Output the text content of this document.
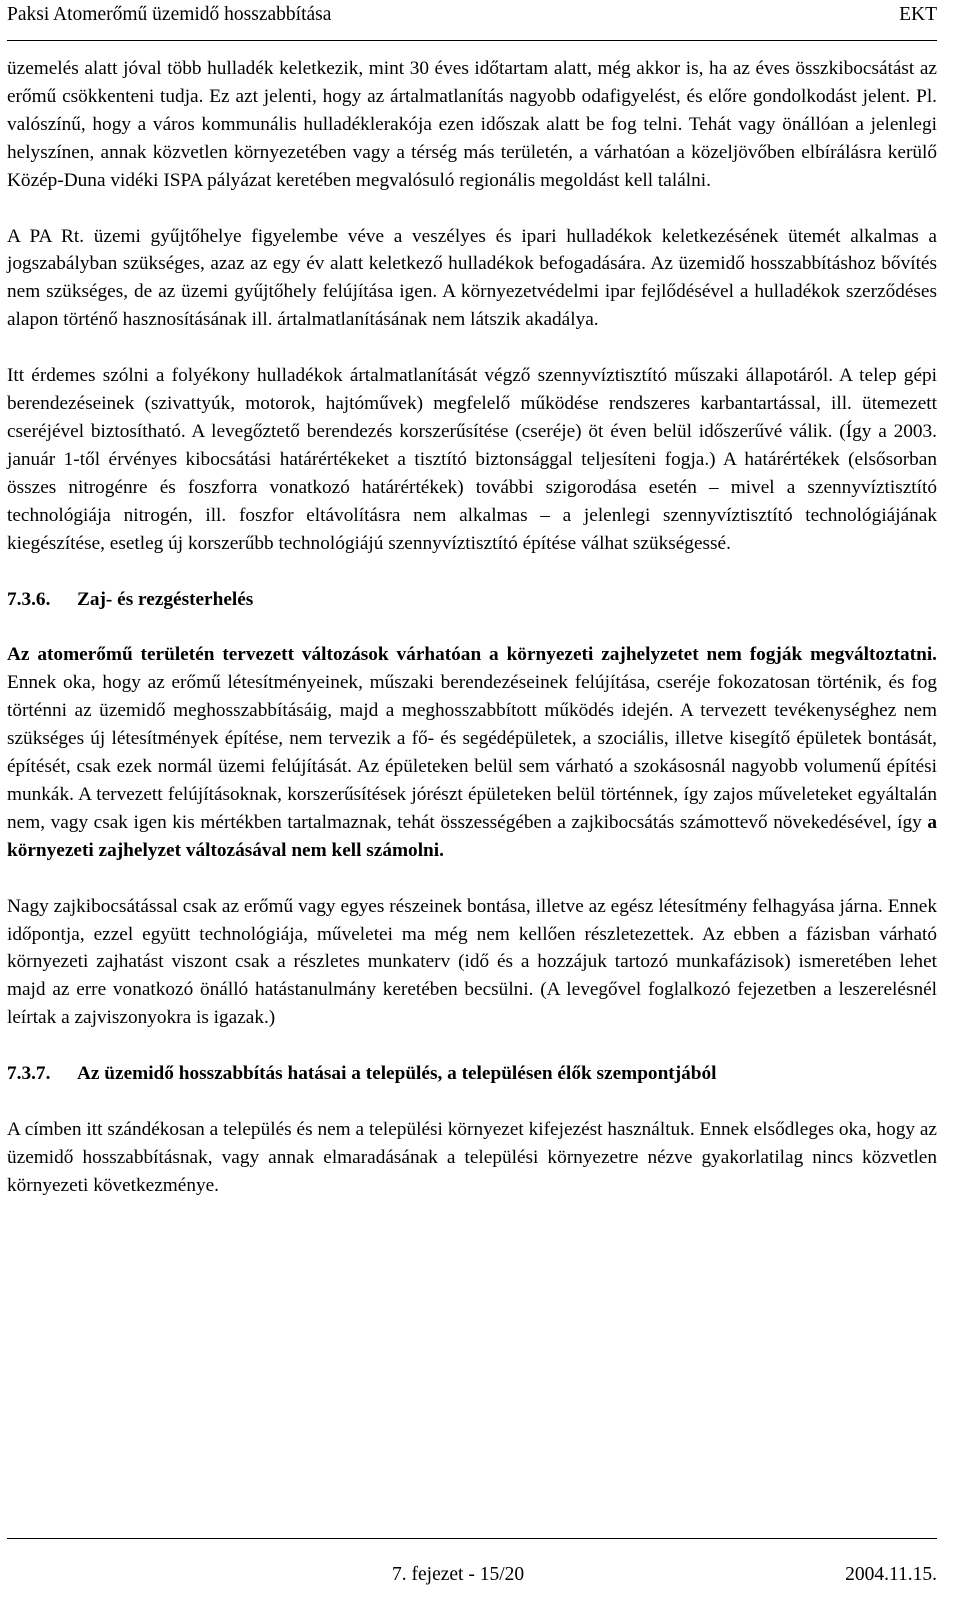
Paksi Atomerőmű üzemidő hosszabbítása	EKT

üzemelés alatt jóval több hulladék keletkezik, mint 30 éves időtartam alatt, még akkor is, ha az éves összkibocsátást az erőmű csökkenteni tudja. Ez azt jelenti, hogy az ártalmatlanítás nagyobb odafigyelést, és előre gondolkodást jelent. Pl. valószínű, hogy a város kommunális hulladéklerakója ezen időszak alatt be fog telni. Tehát vagy önállóan a jelenlegi helyszínen, annak közvetlen környezetében vagy a térség más területén, a várhatóan a közeljövőben elbírálásra kerülő Közép-Duna vidéki ISPA pályázat keretében megvalósuló regionális megoldást kell találni.

A PA Rt. üzemi gyűjtőhelye figyelembe véve a veszélyes és ipari hulladékok keletkezésének ütemét alkalmas a jogszabályban szükséges, azaz az egy év alatt keletkező hulladékok befogadására. Az üzemidő hosszabbításhoz bővítés nem szükséges, de az üzemi gyűjtőhely felújítása igen. A környezetvédelmi ipar fejlődésével a hulladékok szerződéses alapon történő hasznosításának ill. ártalmatlanításának nem látszik akadálya.

Itt érdemes szólni a folyékony hulladékok ártalmatlanítását végző szennyvíztisztító műszaki állapotáról. A telep gépi berendezéseinek (szivattyúk, motorok, hajtóművek) megfelelő működése rendszeres karbantartással, ill. ütemezett cseréjével biztosítható. A levegőztető berendezés korszerűsítése (cseréje) öt éven belül időszerűvé válik. (Így a 2003. január 1-től érvényes kibocsátási határértékeket a tisztító biztonsággal teljesíteni fogja.) A határértékek (elsősorban összes nitrogénre és foszforra vonatkozó határértékek) további szigorodása esetén – mivel a szennyvíztisztító technológiája nitrogén, ill. foszfor eltávolításra nem alkalmas – a jelenlegi szennyvíztisztító technológiájának kiegészítése, esetleg új korszerűbb technológiájú szennyvíztisztító építése válhat szükségessé.

7.3.6. Zaj- és rezgésterhelés

Az atomerőmű területén tervezett változások várhatóan a környezeti zajhelyzetet nem fogják megváltoztatni. Ennek oka, hogy az erőmű létesítményeinek, műszaki berendezéseinek felújítása, cseréje fokozatosan történik, és fog történni az üzemidő meghosszabbításáig, majd a meghosszabbított működés idején. A tervezett tevékenységhez nem szükséges új létesítmények építése, nem tervezik a fő- és segédépületek, a szociális, illetve kisegítő épületek bontását, építését, csak ezek normál üzemi felújítását. Az épületeken belül sem várható a szokásosnál nagyobb volumenű építési munkák. A tervezett felújításoknak, korszerűsítések jórészt épületeken belül történnek, így zajos műveleteket egyáltalán nem, vagy csak igen kis mértékben tartalmaznak, tehát összességében a zajkibocsátás számottevő növekedésével, így a környezeti zajhelyzet változásával nem kell számolni.

Nagy zajkibocsátással csak az erőmű vagy egyes részeinek bontása, illetve az egész létesítmény felhagyása járna. Ennek időpontja, ezzel együtt technológiája, műveletei ma még nem kellően részletezettek. Az ebben a fázisban várható környezeti zajhatást viszont csak a részletes munkaterv (idő és a hozzájuk tartozó munkafázisok) ismeretében lehet majd az erre vonatkozó önálló hatástanulmány keretében becsülni. (A levegővel foglalkozó fejezetben a leszerelésnél leírtak a zajviszonyokra is igazak.)

7.3.7. Az üzemidő hosszabbítás hatásai a település, a településen élők szempontjából

A címben itt szándékosan a település és nem a települési környezet kifejezést használtuk. Ennek elsődleges oka, hogy az üzemidő hosszabbításnak, vagy annak elmaradásának a települési környezetre nézve gyakorlatilag nincs közvetlen környezeti következménye.

7. fejezet - 15/20	2004.11.15.
